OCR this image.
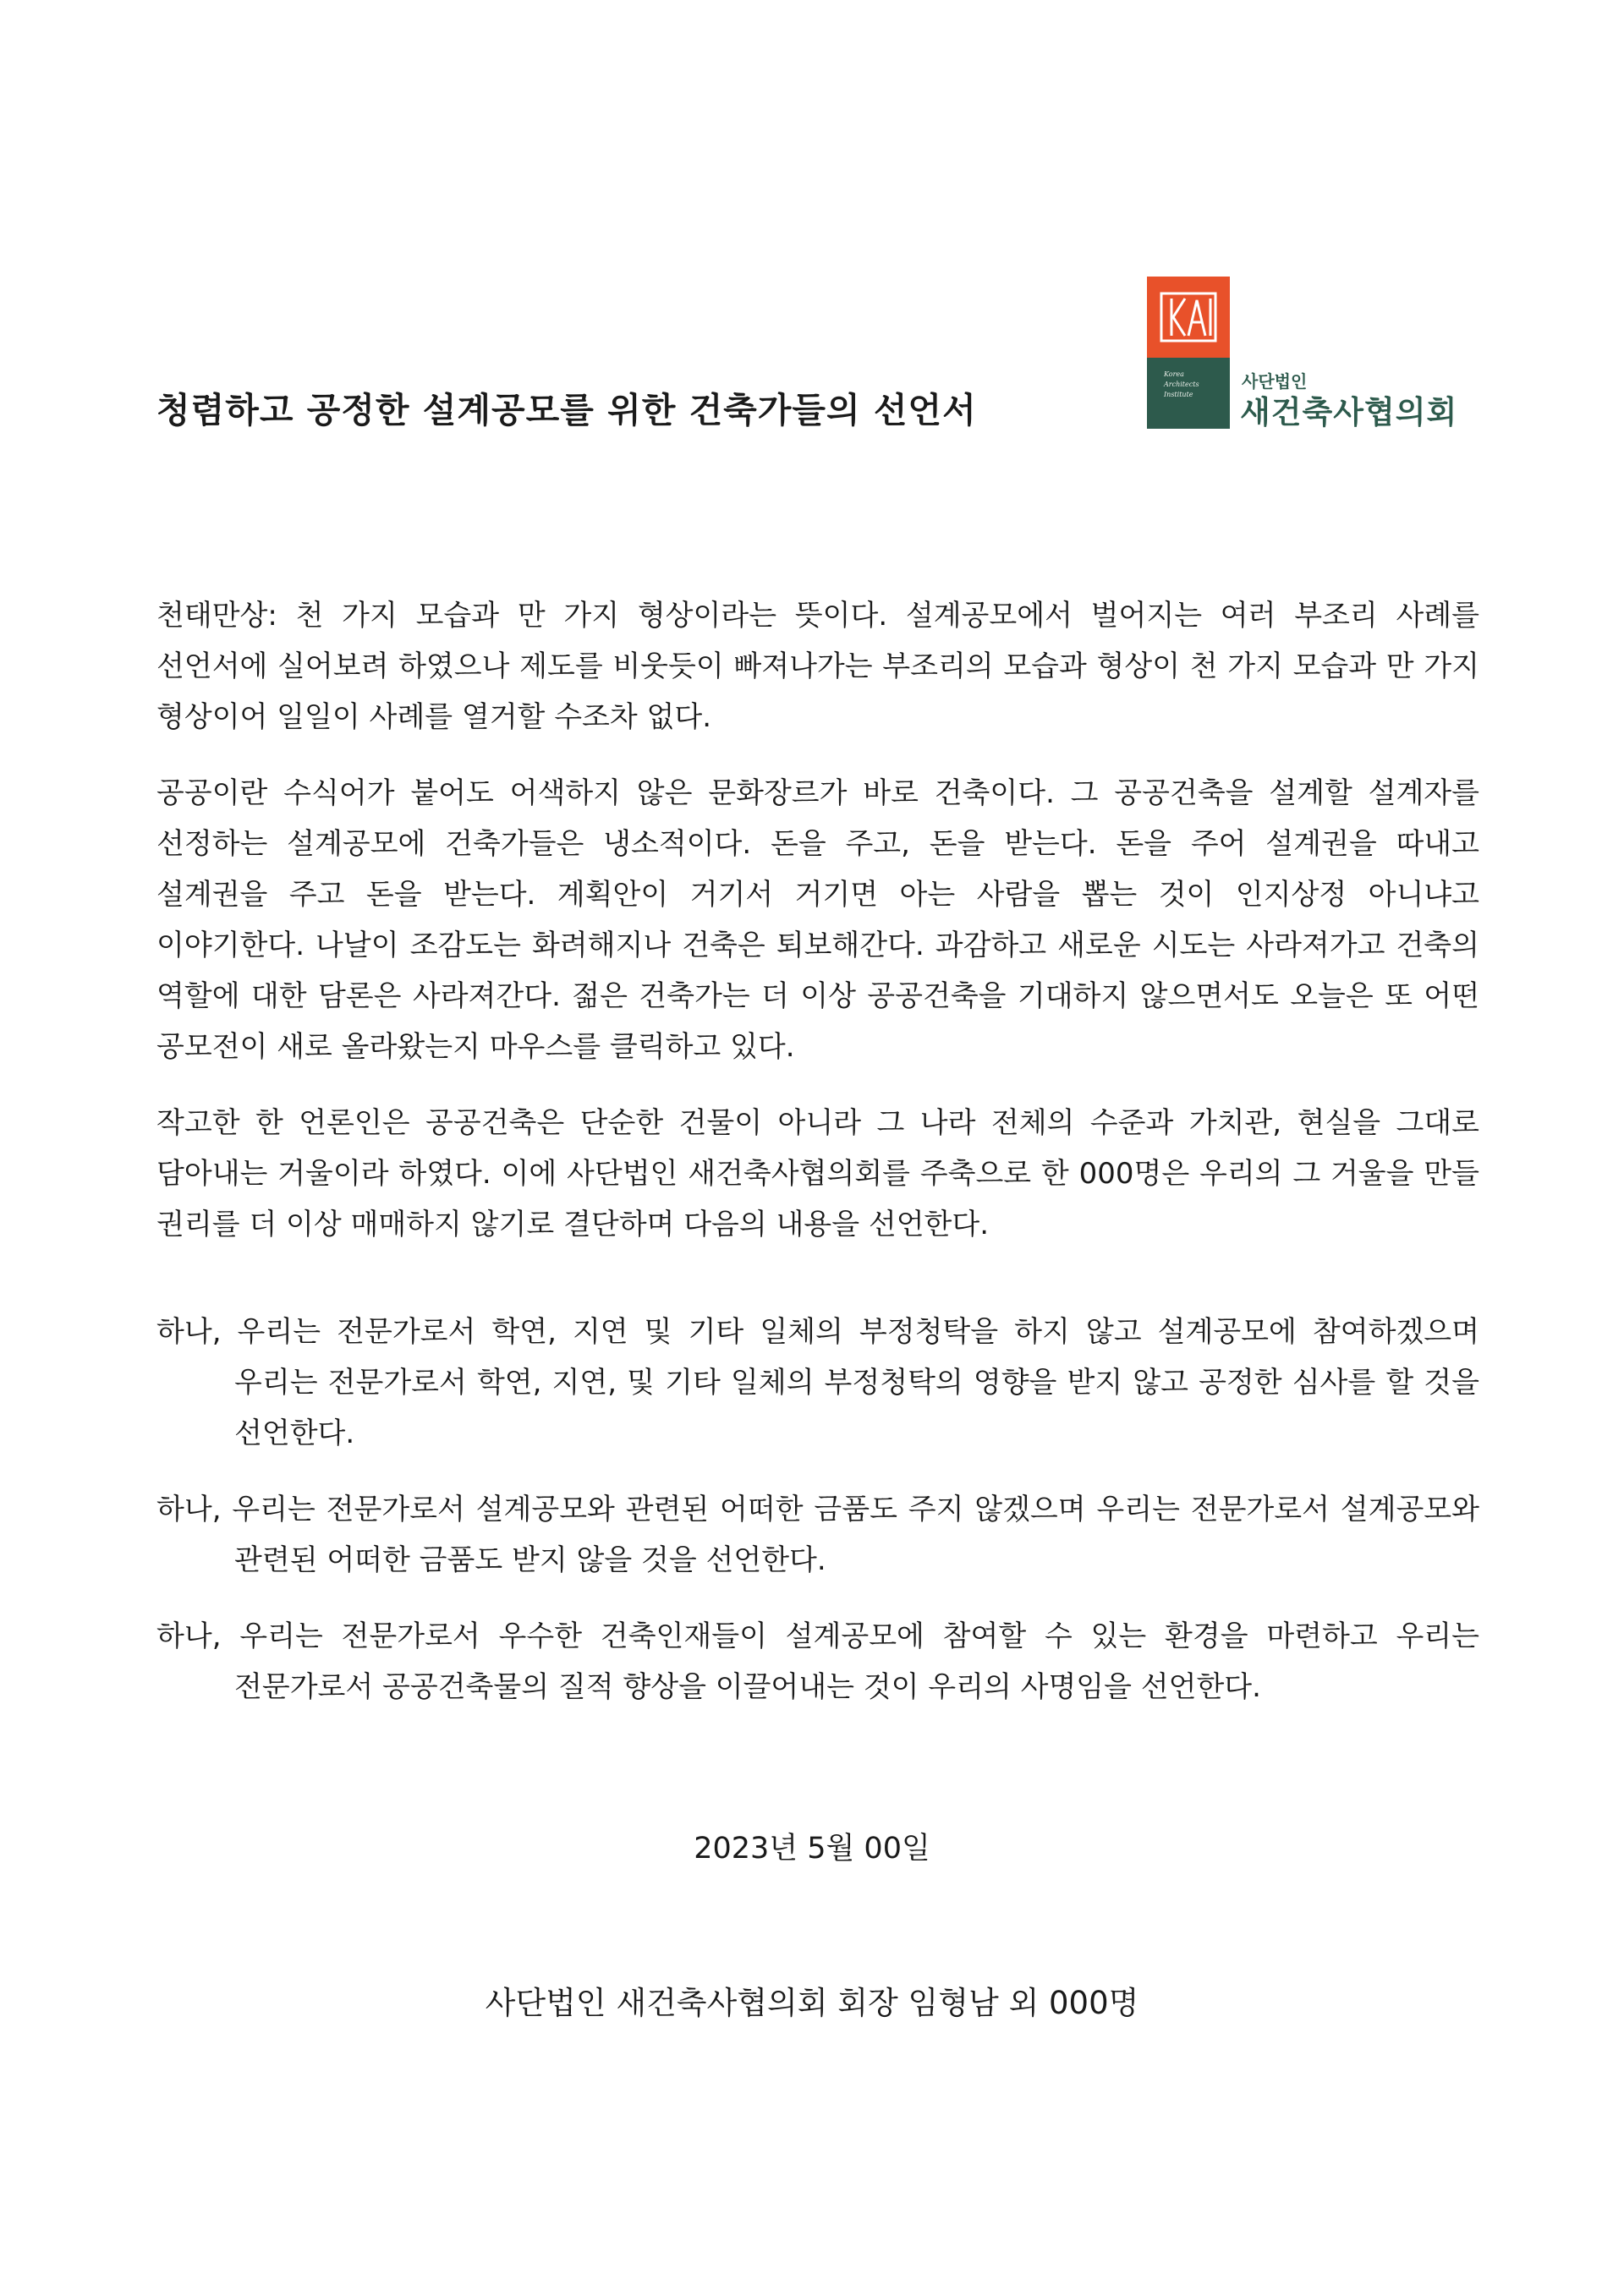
청렴하고 공정한 설계공모를 위한 건축가들의 선언서
Korea
Architects
Institute
사단법인
새건축사협의회
천태만상: 천 가지 모습과 만 가지 형상이라는 뜻이다. 설계공모에서 벌어지는 여러 부조리 사례를 선언서에 실어보려 하였으나 제도를 비웃듯이 빠져나가는 부조리의 모습과 형상이 천 가지 모습과 만 가지 형상이어 일일이 사례를 열거할 수조차 없다.
공공이란 수식어가 붙어도 어색하지 않은 문화장르가 바로 건축이다. 그 공공건축을 설계할 설계자를 선정하는 설계공모에 건축가들은 냉소적이다. 돈을 주고, 돈을 받는다. 돈을 주어 설계권을 따내고 설계권을 주고 돈을 받는다. 계획안이 거기서 거기면 아는 사람을 뽑는 것이 인지상정 아니냐고 이야기한다. 나날이 조감도는 화려해지나 건축은 퇴보해간다. 과감하고 새로운 시도는 사라져가고 건축의 역할에 대한 담론은 사라져간다. 젊은 건축가는 더 이상 공공건축을 기대하지 않으면서도 오늘은 또 어떤 공모전이 새로 올라왔는지 마우스를 클릭하고 있다.
작고한 한 언론인은 공공건축은 단순한 건물이 아니라 그 나라 전체의 수준과 가치관, 현실을 그대로 담아내는 거울이라 하였다. 이에 사단법인 새건축사협의회를 주축으로 한 000명은 우리의 그 거울을 만들 권리를 더 이상 매매하지 않기로 결단하며 다음의 내용을 선언한다.
하나, 우리는 전문가로서 학연, 지연 및 기타 일체의 부정청탁을 하지 않고 설계공모에 참여하겠으며 우리는 전문가로서 학연, 지연, 및 기타 일체의 부정청탁의 영향을 받지 않고 공정한 심사를 할 것을 선언한다.
하나, 우리는 전문가로서 설계공모와 관련된 어떠한 금품도 주지 않겠으며 우리는 전문가로서 설계공모와 관련된 어떠한 금품도 받지 않을 것을 선언한다.
하나, 우리는 전문가로서 우수한 건축인재들이 설계공모에 참여할 수 있는 환경을 마련하고 우리는 전문가로서 공공건축물의 질적 향상을 이끌어내는 것이 우리의 사명임을 선언한다.
2023년 5월 00일
사단법인 새건축사협의회 회장 임형남 외 000명
